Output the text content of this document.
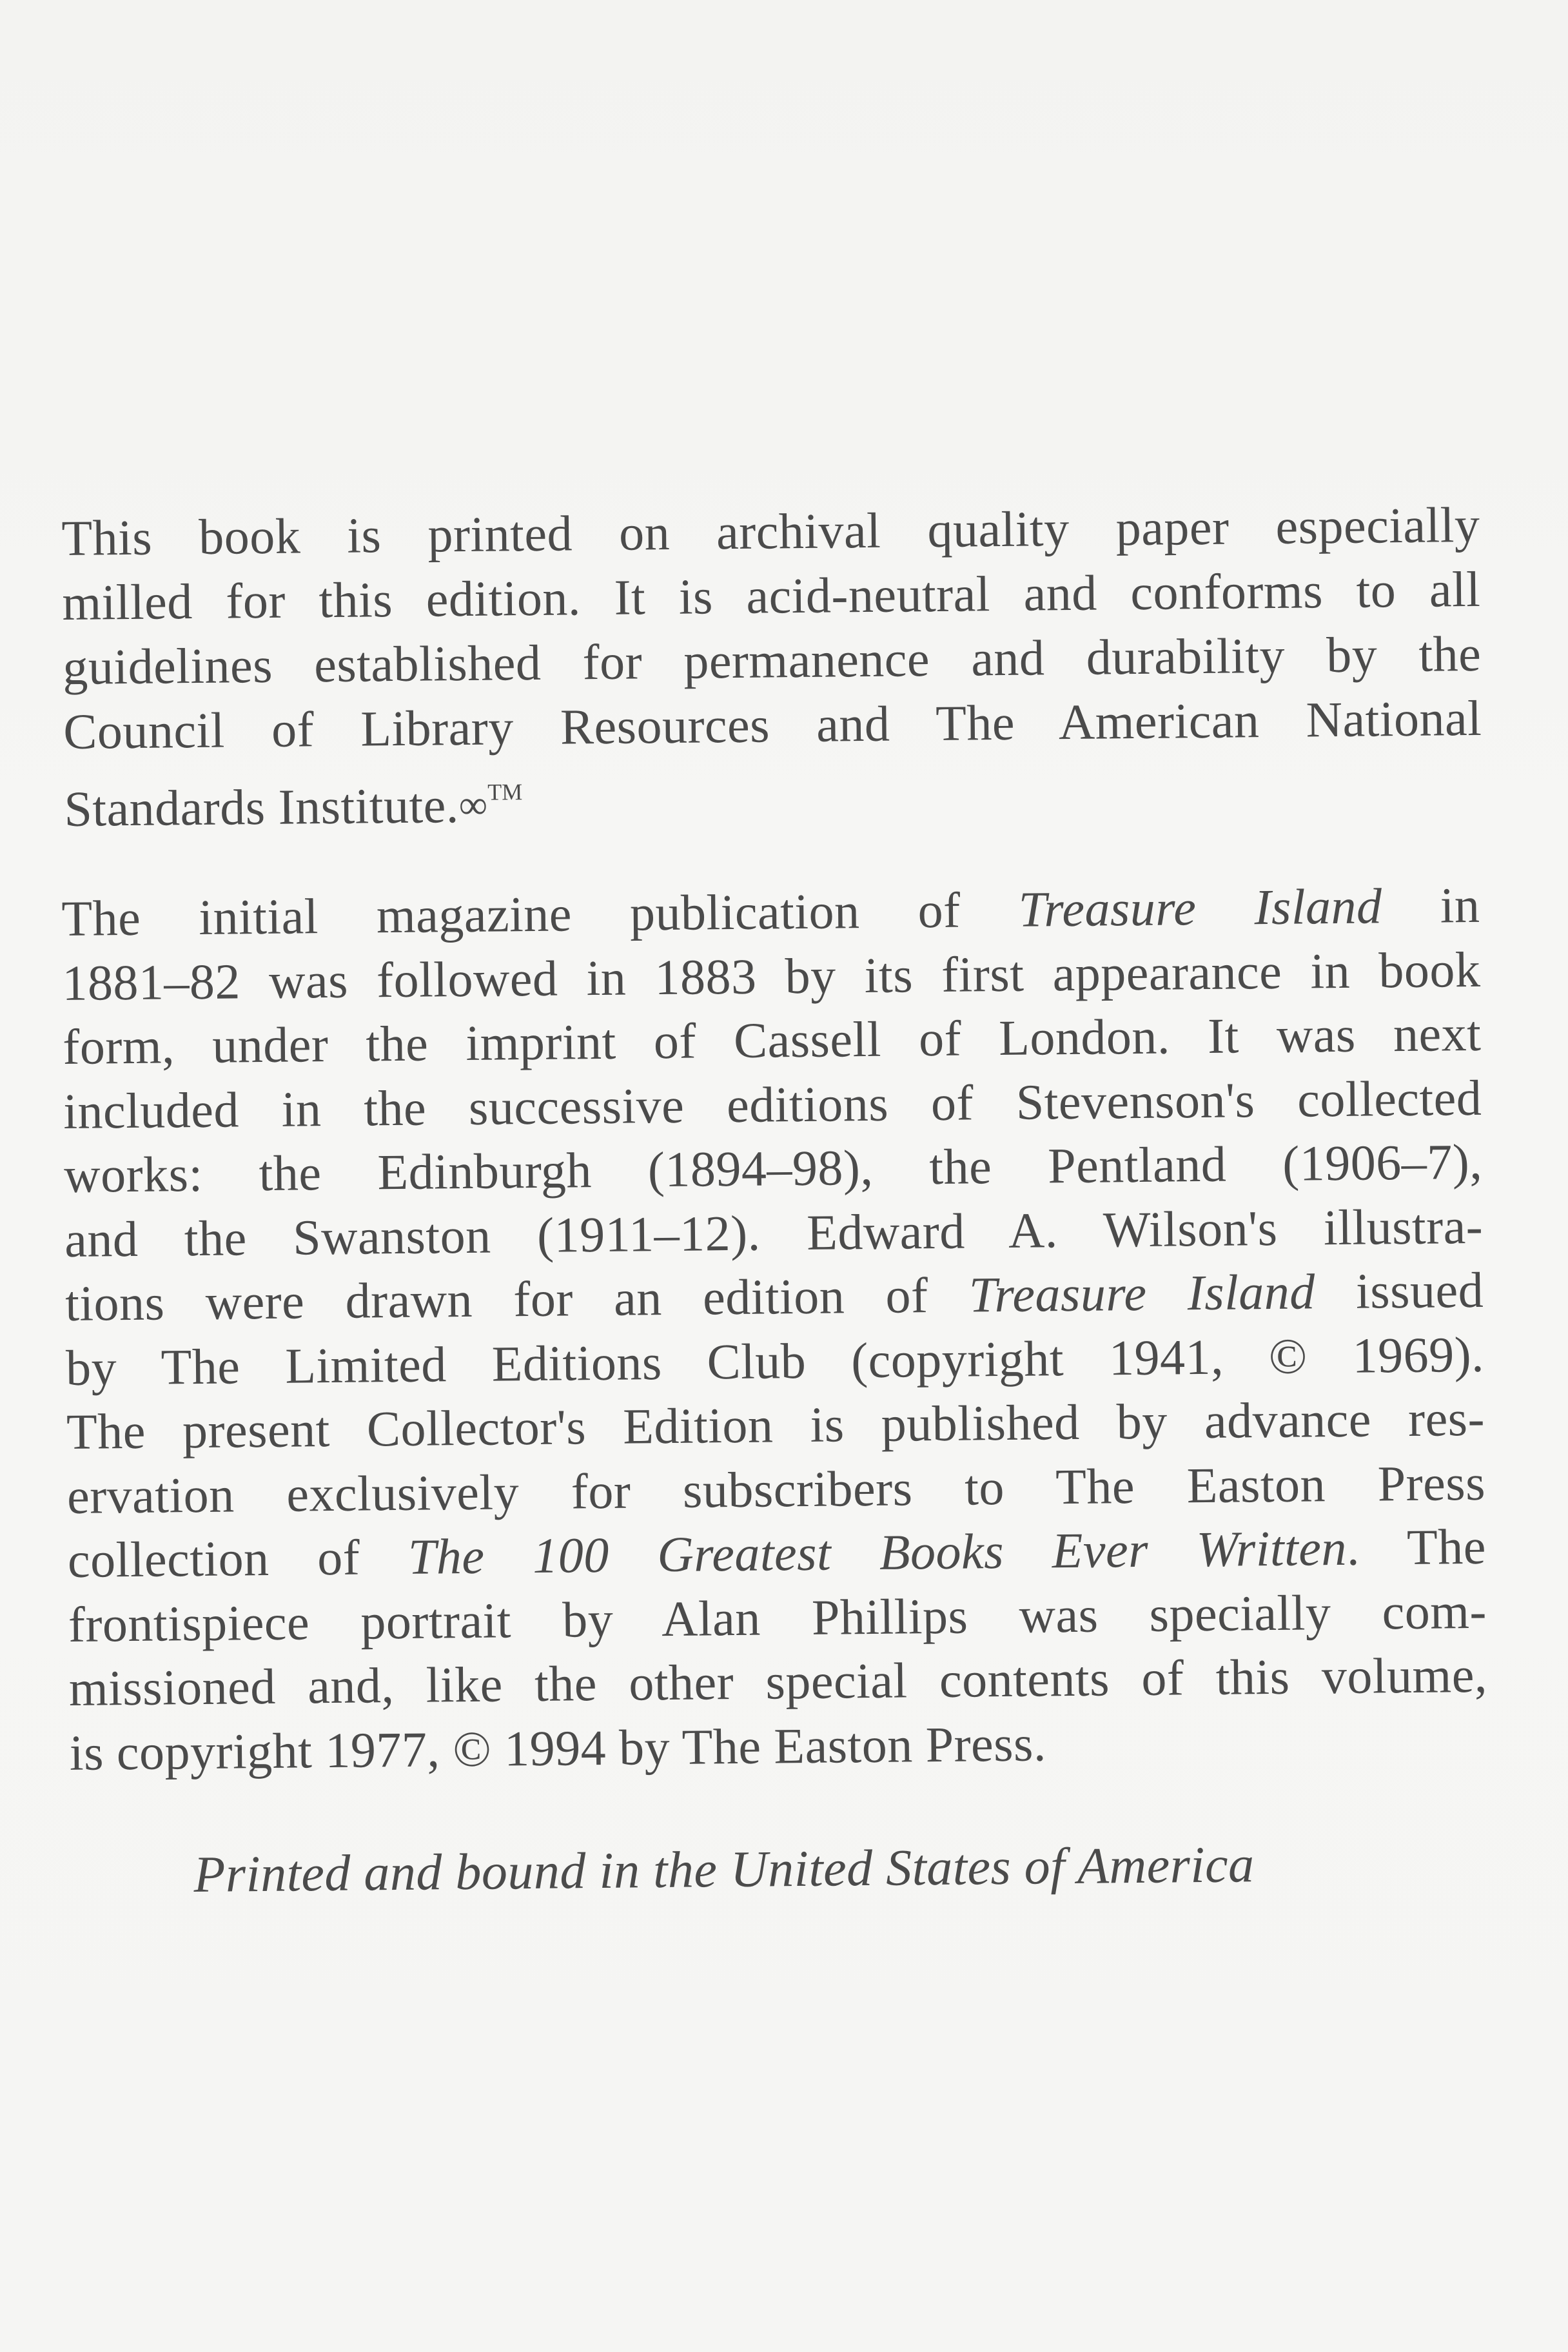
This book is printed on archival quality paper especially
milled for this edition. It is acid-neutral and conforms to all
guidelines established for permanence and durability by the
Council of Library Resources and The American National
Standards Institute.∞™
The initial magazine publication of Treasure Island in
1881–82 was followed in 1883 by its first appearance in book
form, under the imprint of Cassell of London. It was next
included in the successive editions of Stevenson's collected
works: the Edinburgh (1894–98), the Pentland (1906–7),
and the Swanston (1911–12). Edward A. Wilson's illustra-
tions were drawn for an edition of Treasure Island issued
by The Limited Editions Club (copyright 1941, © 1969).
The present Collector's Edition is published by advance res-
ervation exclusively for subscribers to The Easton Press
collection of The 100 Greatest Books Ever Written. The
frontispiece portrait by Alan Phillips was specially com-
missioned and, like the other special contents of this volume,
is copyright 1977, © 1994 by The Easton Press.
Printed and bound in the United States of America
